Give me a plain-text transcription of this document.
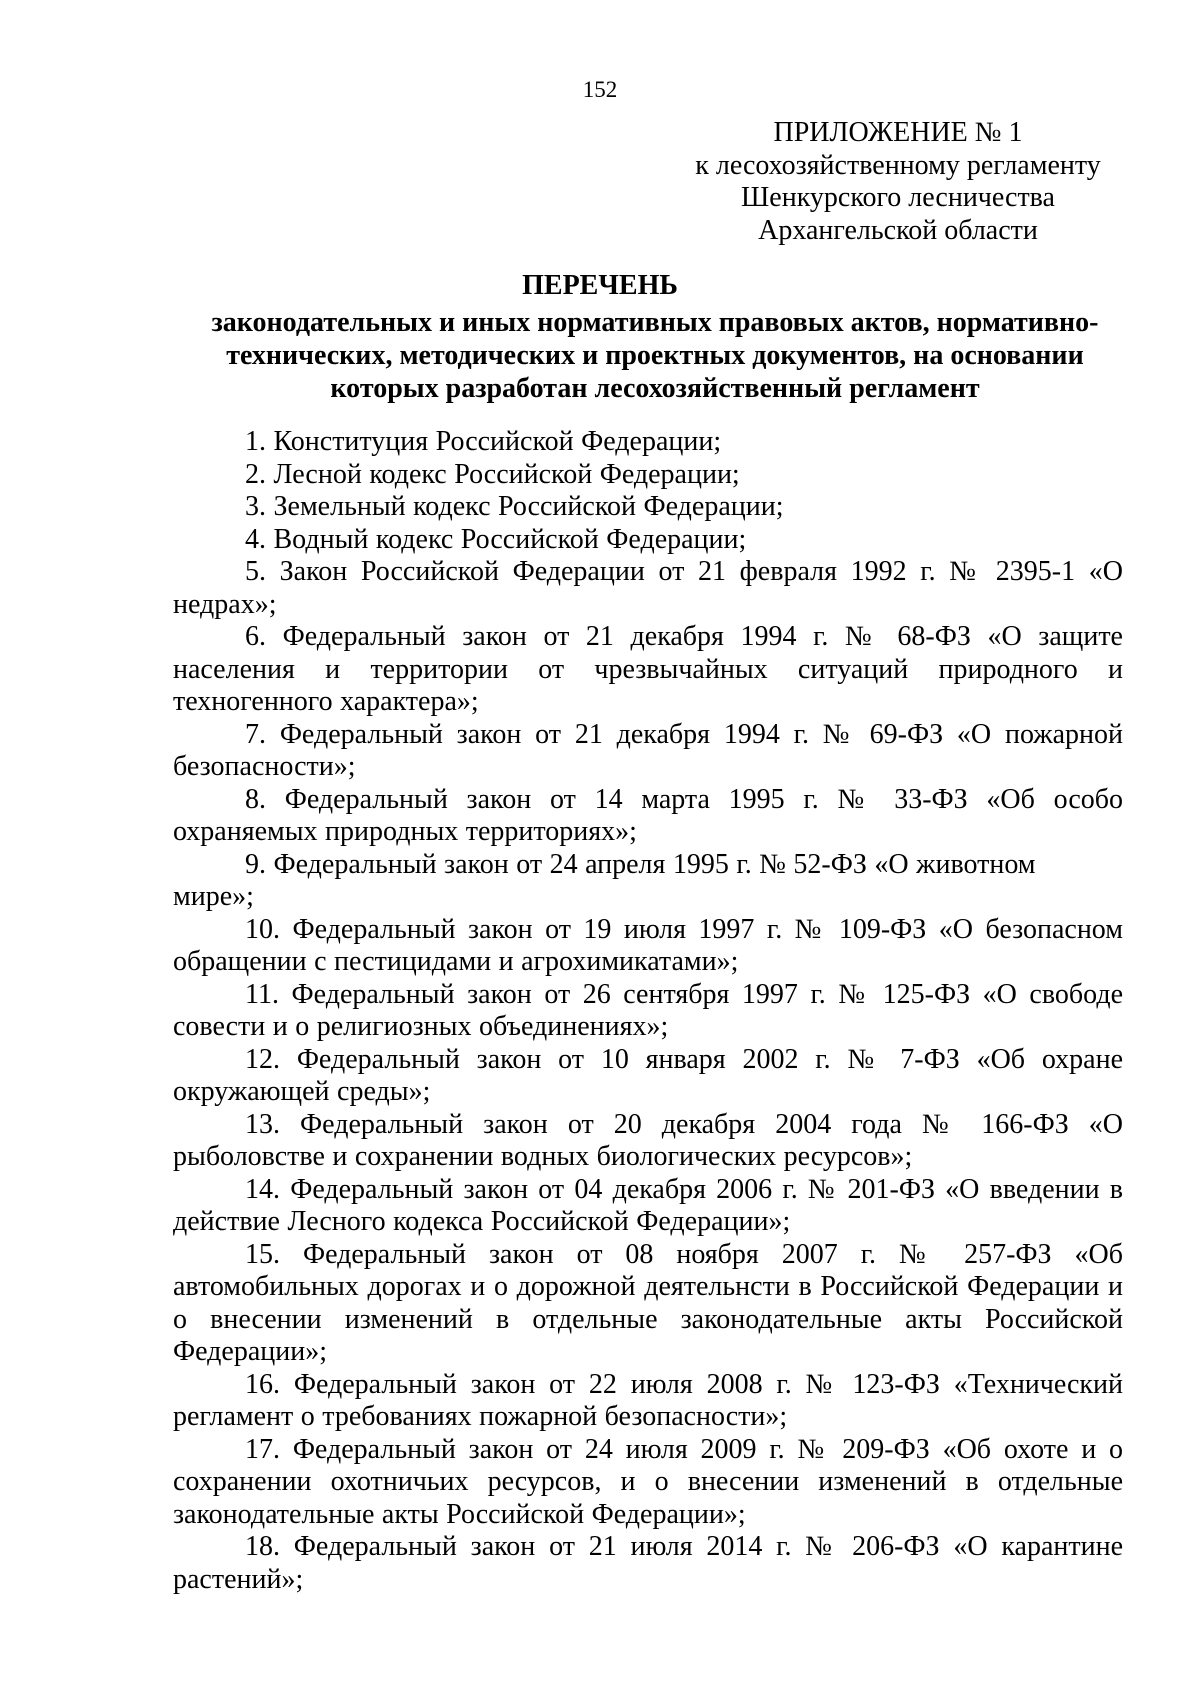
152
ПРИЛОЖЕНИЕ № 1
к лесохозяйственному регламенту
Шенкурского лесничества
Архангельской области
ПЕРЕЧЕНЬ
законодательных и иных нормативных правовых актов, нормативно-технических, методических и проектных документов, на основании которых разработан лесохозяйственный регламент

1. Конституция Российской Федерации;

2. Лесной кодекс Российской Федерации;

3. Земельный кодекс Российской Федерации;

4. Водный кодекс Российской Федерации;

5. Закон Российской Федерации от 21 февраля 1992 г. № 2395-1 «О недрах»;

6. Федеральный закон от 21 декабря 1994 г. № 68-ФЗ «О защите населения и территории от чрезвычайных ситуаций природного и техногенного характера»;

7. Федеральный закон от 21 декабря 1994 г. № 69-ФЗ «О пожарной безопасности»;

8. Федеральный закон от 14 марта 1995 г. № 33-ФЗ «Об особо охраняемых природных территориях»;

9. Федеральный закон от 24 апреля 1995 г. № 52-ФЗ «О животном мире»;

10. Федеральный закон от 19 июля 1997 г. № 109-ФЗ «О безопасном обращении с пестицидами и агрохимикатами»;

11. Федеральный закон от 26 сентября 1997 г. № 125-ФЗ «О свободе совести и о религиозных объединениях»;

12. Федеральный закон от 10 января 2002 г. № 7-ФЗ «Об охране окружающей среды»;

13. Федеральный закон от 20 декабря 2004 года № 166-ФЗ «О рыболовстве и сохранении водных биологических ресурсов»;

14. Федеральный закон от 04 декабря 2006 г. № 201-ФЗ «О введении в действие Лесного кодекса Российской Федерации»;

15. Федеральный закон от 08 ноября 2007 г. № 257-ФЗ «Об автомобильных дорогах и о дорожной деятельнсти в Российской Федерации и о внесении изменений в отдельные законодательные акты Российской Федерации»;

16. Федеральный закон от 22 июля 2008 г. № 123-ФЗ «Технический регламент о требованиях пожарной безопасности»;

17. Федеральный закон от 24 июля 2009 г. № 209-ФЗ «Об охоте и о сохранении охотничьих ресурсов, и о внесении изменений в отдельные законодательные акты Российской Федерации»;

18. Федеральный закон от 21 июля 2014 г. № 206-ФЗ «О карантине растений»;
